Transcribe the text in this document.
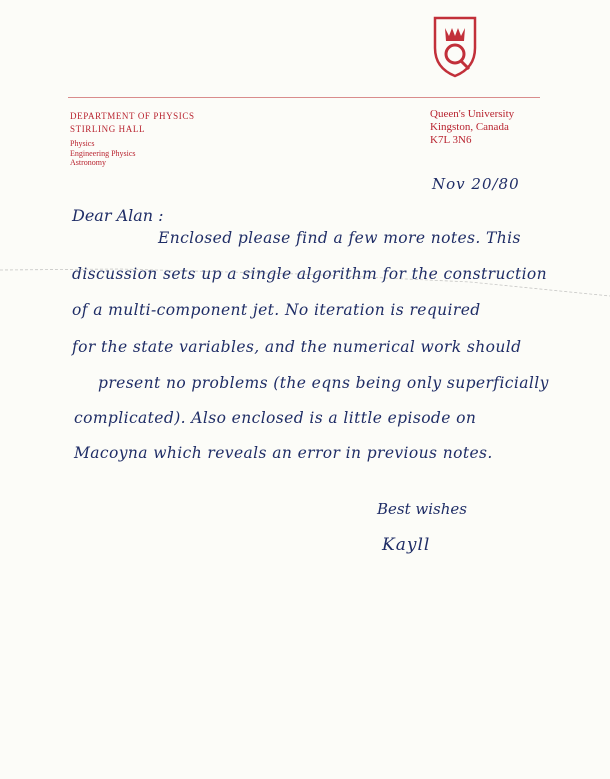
DEPARTMENT OF PHYSICS
STIRLING HALL
Physics
Engineering Physics
Astronomy
Queen's University
Kingston, Canada
K7L 3N6
Nov 20/80
Dear Alan :
Enclosed please find a few more notes. This
discussion sets up a single algorithm for the construction
of a multi-component jet. No iteration is required
for the state variables, and the numerical work should
present no problems (the eqns being only superficially
complicated). Also enclosed is a little episode on
Macoyna which reveals an error in previous notes.
Best wishes
Kayll
